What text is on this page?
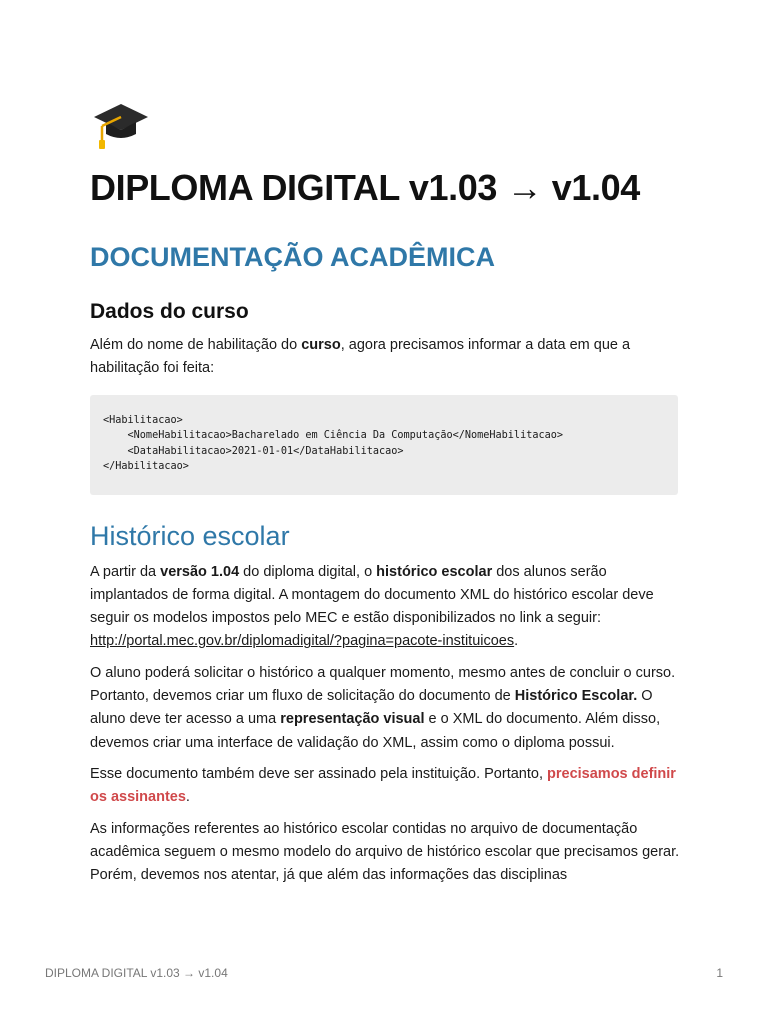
DIPLOMA DIGITAL v1.03 → v1.04
DOCUMENTAÇÃO ACADÊMICA
Dados do curso

Além do nome de habilitação do curso, agora precisamos informar a data em que a habilitação foi feita:

<Habilitacao>
<NomeHabilitacao>Bacharelado em Ciência Da Computação</NomeHabilitacao>
<DataHabilitacao>2021-01-01</DataHabilitacao>
</Habilitacao>
Histórico escolar

A partir da versão 1.04 do diploma digital, o histórico escolar dos alunos serão implantados de forma digital. A montagem do documento XML do histórico escolar deve seguir os modelos impostos pelo MEC e estão disponibilizados no link a seguir: http://portal.mec.gov.br/diplomadigital/?pagina=pacote-instituicoes.

O aluno poderá solicitar o histórico a qualquer momento, mesmo antes de concluir o curso. Portanto, devemos criar um fluxo de solicitação do documento de Histórico Escolar. O aluno deve ter acesso a uma representação visual e o XML do documento. Além disso, devemos criar uma interface de validação do XML, assim como o diploma possui.

Esse documento também deve ser assinado pela instituição. Portanto, precisamos definir os assinantes.

As informações referentes ao histórico escolar contidas no arquivo de documentação acadêmica seguem o mesmo modelo do arquivo de histórico escolar que precisamos gerar. Porém, devemos nos atentar, já que além das informações das disciplinas

DIPLOMA DIGITAL v1.03 → v1.04	1
